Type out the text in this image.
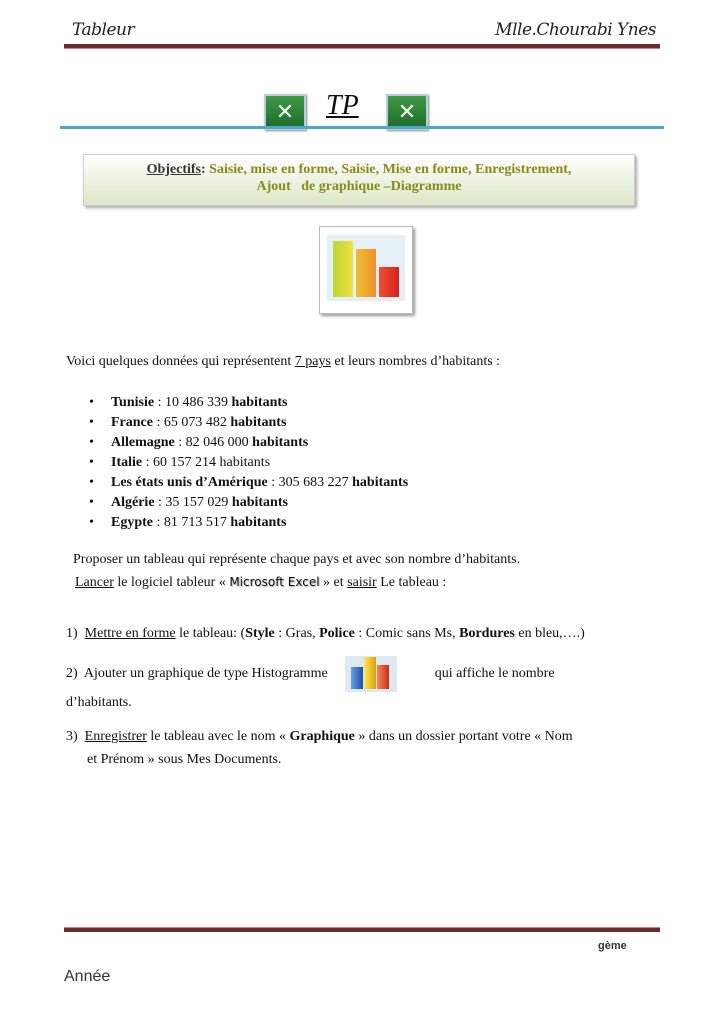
Tableur	Mlle.Chourabi Ynes
✕	TP	✕
Objectifs: Saisie, mise en forme, Saisie, Mise en forme, Enregistrement,
Ajout   de graphique –Diagramme

Voici quelques données qui représentent 7 pays et leurs nombres d’habitants :

• Tunisie : 10 486 339 habitants
• France : 65 073 482 habitants
• Allemagne : 82 046 000 habitants
• Italie : 60 157 214 habitants
• Les états unis d’Amérique : 305 683 227 habitants
• Algérie : 35 157 029 habitants
• Egypte : 81 713 517 habitants

Proposer un tableau qui représente chaque pays et avec son nombre d’habitants.

Lancer le logiciel tableur « Microsoft Excel » et saisir Le tableau :

1) Mettre en forme le tableau: (Style : Gras, Police : Comic sans Ms, Bordures en bleu,….)

2) Ajouter un graphique de type Histogramme	qui affiche le nombre
d’habitants.

3) Enregistrer le tableau avec le nom « Graphique » dans un dossier portant votre « Nom
et Prénom » sous Mes Documents.

gème
Année
